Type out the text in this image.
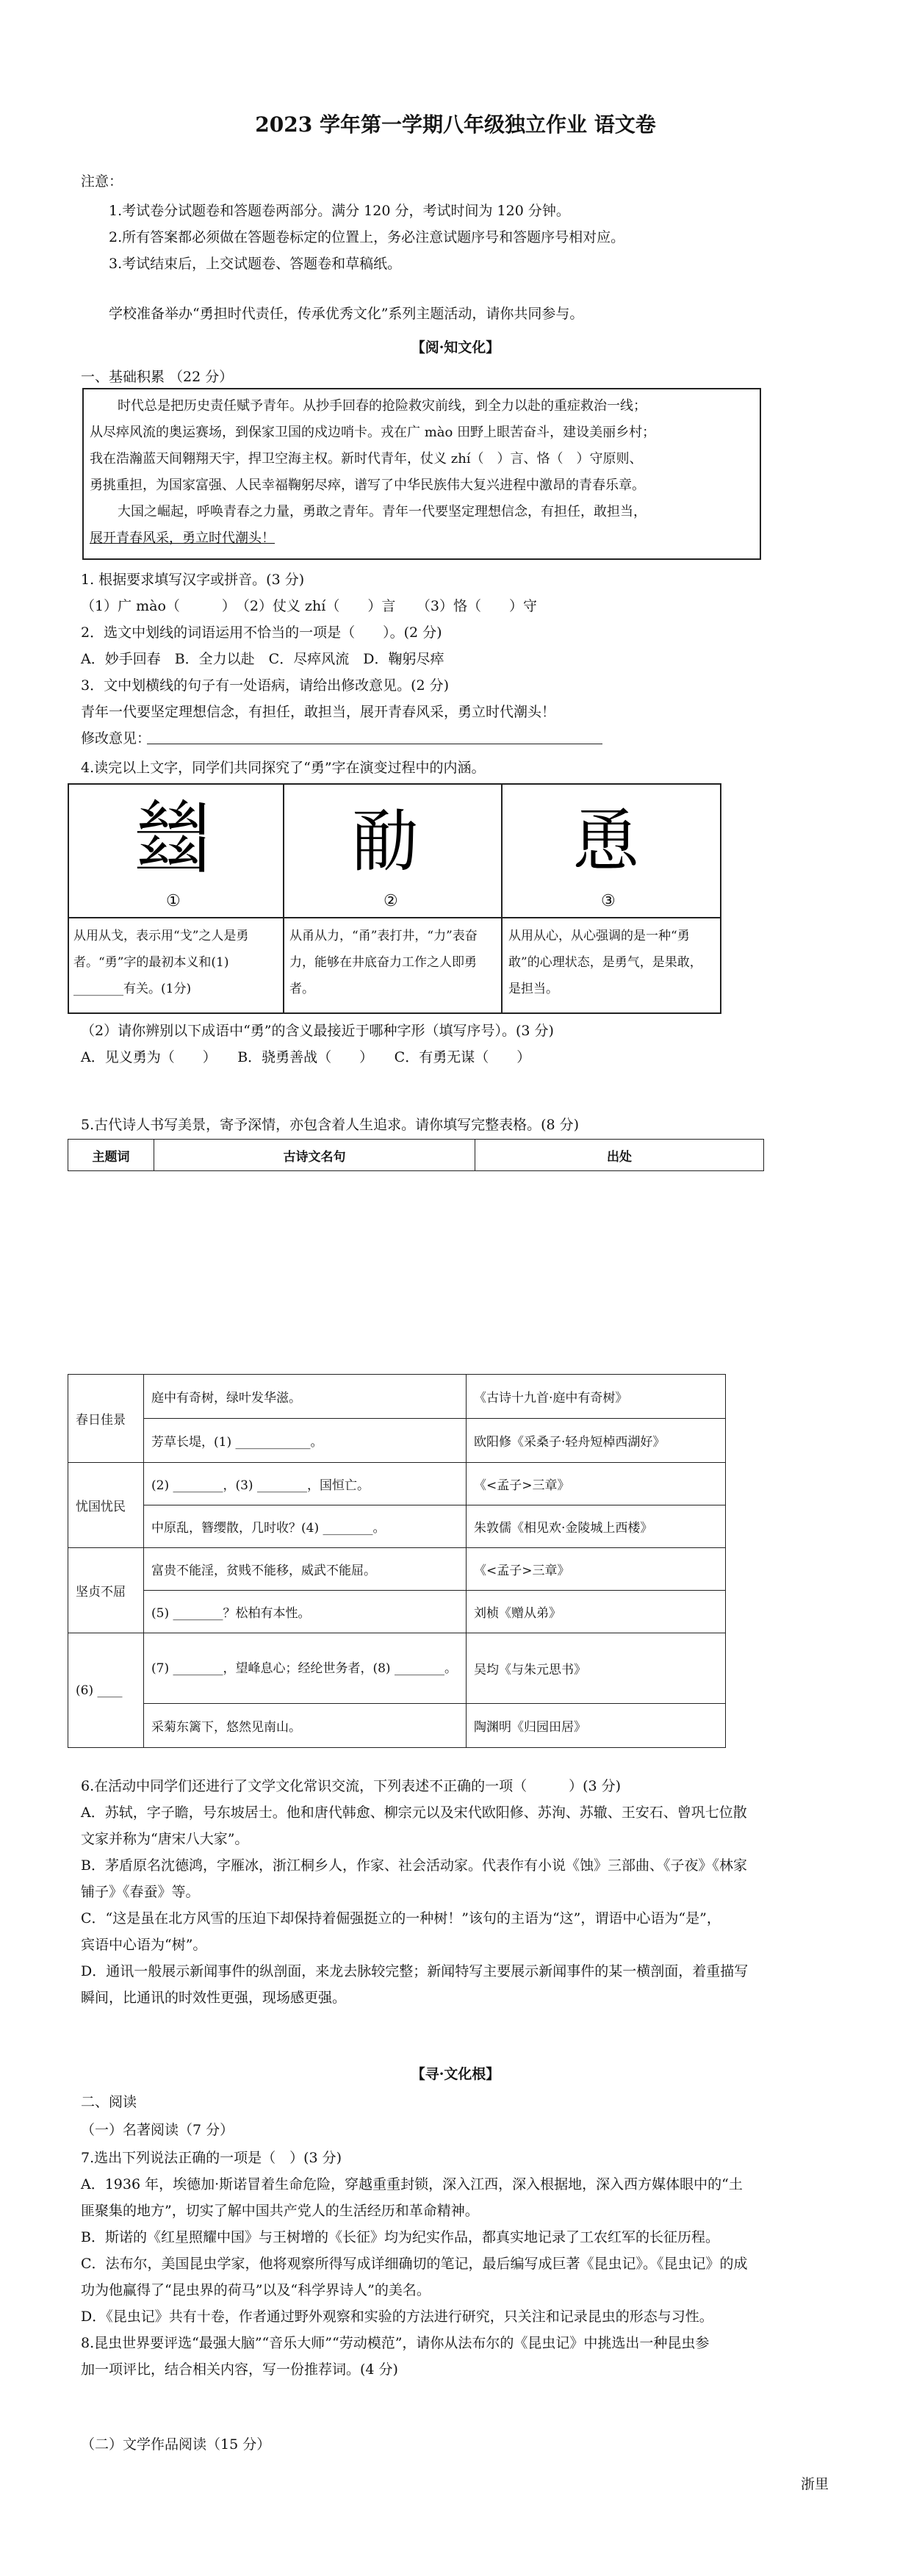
2023 学年第一学期八年级独立作业 语文卷
注意：
1.考试卷分试题卷和答题卷两部分。满分 120 分，考试时间为 120 分钟。
2.所有答案都必须做在答题卷标定的位置上，务必注意试题序号和答题序号相对应。
3.考试结束后，上交试题卷、答题卷和草稿纸。
学校准备举办“勇担时代责任，传承优秀文化”系列主题活动，请你共同参与。
【阅·知文化】
一、基础积累 （22 分）
时代总是把历史责任赋予青年。从抄手回春的抢险救灾前线，到全力以赴的重症救治一线；
从尽瘁风流的奥运赛场，到保家卫国的戍边哨卡。戎在广 mào 田野上眼苦奋斗，建设美丽乡村；
我在浩瀚蓝天间翱翔天宇，捍卫空海主权。新时代青年，仗义 zhí（　）言、恪（　）守原则、
勇挑重担，为国家富强、人民幸福鞠躬尽瘁，谱写了中华民族伟大复兴进程中激昂的青春乐章。
大国之崛起，呼唤青春之力量，勇敢之青年。青年一代要坚定理想信念，有担任，敢担当，
展开青春风采，勇立时代潮头！
1. 根据要求填写汉字或拼音。(3 分)
（1）广 mào（　　　）　（2）仗义 zhí（　　）言　　（3）恪（　　）守
2．选文中划线的词语运用不恰当的一项是（　　）。(2 分)
A．妙手回春　B．全力以赴　C．尽瘁风流　D．鞠躬尽瘁
3．文中划横线的句子有一处语病，请给出修改意见。(2 分)
青年一代要坚定理想信念，有担任，敢担当，展开青春风采，勇立时代潮头！
修改意见：
4.读完以上文字，同学们共同探究了“勇”字在演变过程中的内涵。
𢇍 勈 恿
①	②	③
从用从戈，表示用“戈”之人是勇者。“勇”字的最初本义和(1) ________有关。(1分)
从甬从力，“甬”表打井，“力”表奋力，能够在井底奋力工作之人即勇者。
从用从心，从心强调的是一种“勇敢”的心理状态，是勇气，是果敢，是担当。
（2）请你辨别以下成语中“勇”的含义最接近于哪种字形（填写序号）。(3 分)
A．见义勇为（　　）　　B．骁勇善战（　　）　　C．有勇无谋（　　）
5.古代诗人书写美景，寄予深情，亦包含着人生追求。请你填写完整表格。(8 分)
主题词	古诗文名句	出处
春日佳景	庭中有奇树，绿叶发华滋。	《古诗十九首·庭中有奇树》
	芳草长堤，(1) ____________。	欧阳修《采桑子·轻舟短棹西湖好》
忧国忧民	(2) ________，(3) ________，国恒亡。	《<孟子>三章》
	中原乱，簪缨散，几时收？(4) ________。	朱敦儒《相见欢·金陵城上西楼》
坚贞不屈	富贵不能淫，贫贱不能移，威武不能屈。	《<孟子>三章》
	(5) ________？松柏有本性。	刘桢《赠从弟》
(6) ____	(7) ________，望峰息心；经纶世务者，(8) ________。	吴均《与朱元思书》
	采菊东篱下，悠然见南山。	陶渊明《归园田居》
6.在活动中同学们还进行了文学文化常识交流，下列表述不正确的一项（　　　）(3 分)
A．苏轼，字子瞻，号东坡居士。他和唐代韩愈、柳宗元以及宋代欧阳修、苏洵、苏辙、王安石、曾巩七位散
文家并称为“唐宋八大家”。
B．茅盾原名沈德鸿，字雁冰，浙江桐乡人，作家、社会活动家。代表作有小说《蚀》三部曲、《子夜》《林家
铺子》《春蚕》等。
C．“这是虽在北方风雪的压迫下却保持着倔强挺立的一种树！”该句的主语为“这”，谓语中心语为“是”，
宾语中心语为“树”。
D．通讯一般展示新闻事件的纵剖面，来龙去脉较完整；新闻特写主要展示新闻事件的某一横剖面，着重描写
瞬间，比通讯的时效性更强，现场感更强。
【寻·文化根】
二、阅读
（一）名著阅读（7 分）
7.选出下列说法正确的一项是（　）(3 分)
A．1936 年，埃德加·斯诺冒着生命危险，穿越重重封锁，深入江西，深入根据地，深入西方媒体眼中的“土
匪聚集的地方”，切实了解中国共产党人的生活经历和革命精神。
B．斯诺的《红星照耀中国》与王树增的《长征》均为纪实作品，都真实地记录了工农红军的长征历程。
C．法布尔，美国昆虫学家，他将观察所得写成详细确切的笔记，最后编写成巨著《昆虫记》。《昆虫记》的成
功为他赢得了“昆虫界的荷马”以及“科学界诗人”的美名。
D．《昆虫记》共有十卷，作者通过野外观察和实验的方法进行研究，只关注和记录昆虫的形态与习性。
8.昆虫世界要评选“最强大脑”“音乐大师”“劳动模范”，请你从法布尔的《昆虫记》中挑选出一种昆虫参
加一项评比，结合相关内容，写一份推荐词。(4 分)
（二）文学作品阅读（15 分）
浙里
